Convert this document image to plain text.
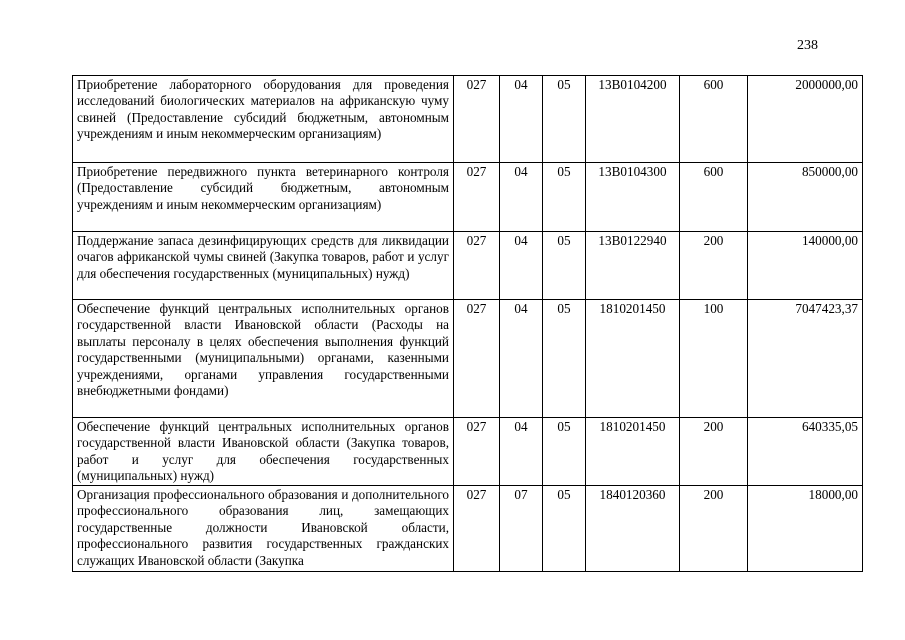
238
Приобретение лабораторного оборудования для проведения исследований биологических материалов на африканскую чуму свиней (Предоставление субсидий бюджетным, автономным учреждениям и иным некоммерческим организациям)	027	04	05	13В0104200	600	2000000,00
Приобретение передвижного пункта ветеринарного контроля (Предоставление субсидий бюджетным, автономным учреждениям и иным некоммерческим организациям)	027	04	05	13В0104300	600	850000,00
Поддержание запаса дезинфицирующих средств для ликвидации очагов африканской чумы свиней (Закупка товаров, работ и услуг для обеспечения государственных (муниципальных) нужд)	027	04	05	13В0122940	200	140000,00
Обеспечение функций центральных исполнительных органов государственной власти Ивановской области (Расходы на выплаты персоналу в целях обеспечения выполнения функций государственными (муниципальными) органами, казенными учреждениями, органами управления государственными внебюджетными фондами)	027	04	05	1810201450	100	7047423,37
Обеспечение функций центральных исполнительных органов государственной власти Ивановской области (Закупка товаров, работ и услуг для обеспечения государственных (муниципальных) нужд)	027	04	05	1810201450	200	640335,05
Организация профессионального образования и дополнительного профессионального образования лиц, замещающих государственные должности Ивановской области, профессионального развития государственных гражданских служащих Ивановской области (Закупка	027	07	05	1840120360	200	18000,00
